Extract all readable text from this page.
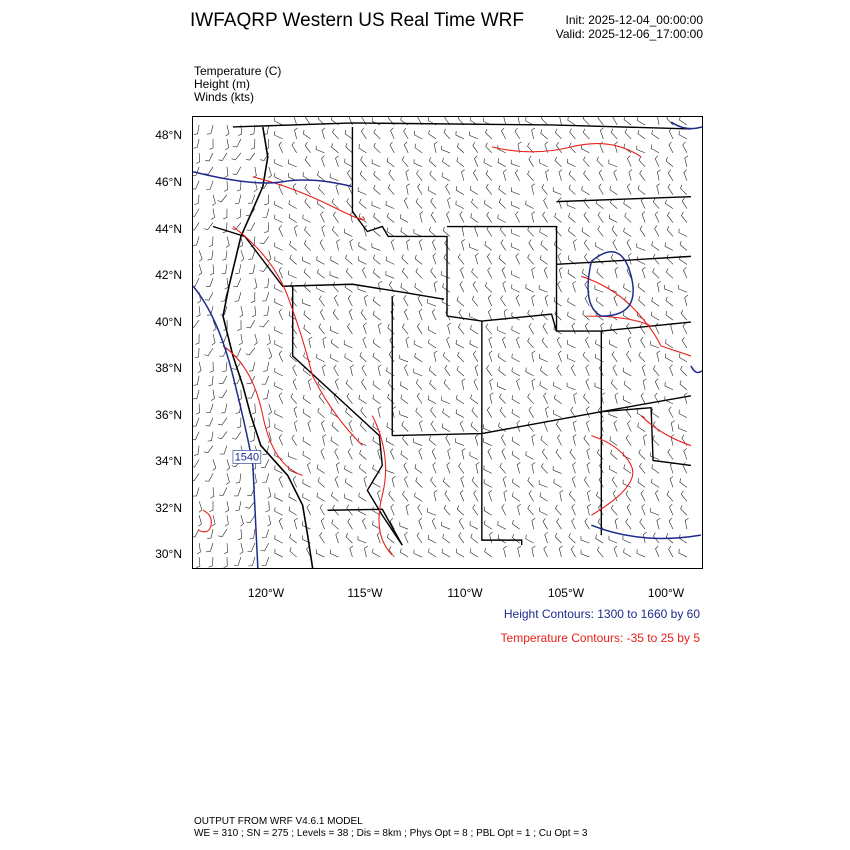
IWFAQRP Western US Real Time WRF	Init: 2025-12-04_00:00:00
Valid: 2025-12-06_17:00:00
Temperature (C)
Height (m)
Winds (kts)
1540
48°N
46°N
44°N
42°N
40°N
38°N
36°N
34°N
32°N
30°N
120°W	115°W	110°W	105°W	100°W
Height Contours: 1300 to 1660 by 60
Temperature Contours: -35 to 25 by 5
OUTPUT FROM WRF V4.6.1 MODEL
WE = 310 ; SN = 275 ; Levels = 38 ; Dis = 8km ; Phys Opt = 8 ; PBL Opt = 1 ; Cu Opt = 3
